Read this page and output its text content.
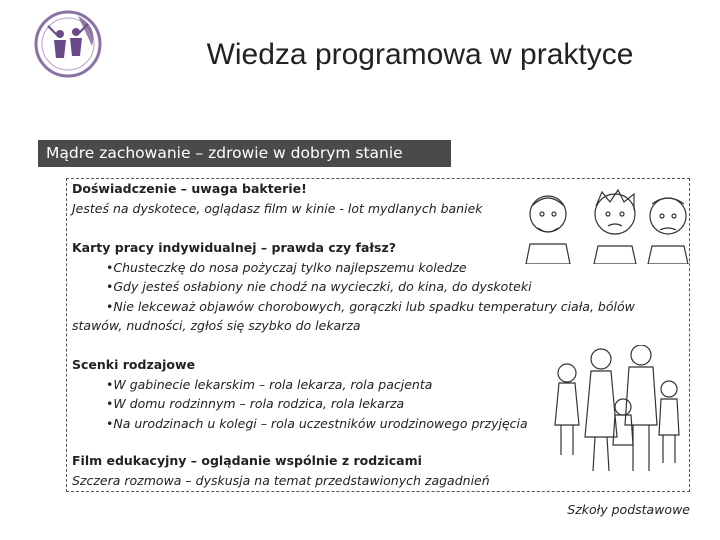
Wiedza programowa w praktyce
Mądre zachowanie – zdrowie w dobrym stanie
Doświadczenie – uwaga bakterie!
Jesteś na dyskotece, oglądasz film w kinie - lot mydlanych baniek
Karty pracy indywidualnej – prawda czy fałsz?
•Chusteczkę do nosa pożyczaj tylko najlepszemu koledze
•Gdy jesteś osłabiony nie chodź na wycieczki, do kina, do dyskoteki
•Nie lekceważ objawów chorobowych, gorączki lub spadku temperatury ciała, bólów
stawów, nudności, zgłoś się szybko do lekarza
Scenki rodzajowe
•W gabinecie lekarskim – rola lekarza, rola pacjenta
•W domu rodzinnym – rola rodzica, rola lekarza
•Na urodzinach u kolegi – rola uczestników urodzinowego przyjęcia
Film edukacyjny – oglądanie wspólnie z rodzicami
Szczera rozmowa – dyskusja na temat przedstawionych zagadnień
Szkoły podstawowe
